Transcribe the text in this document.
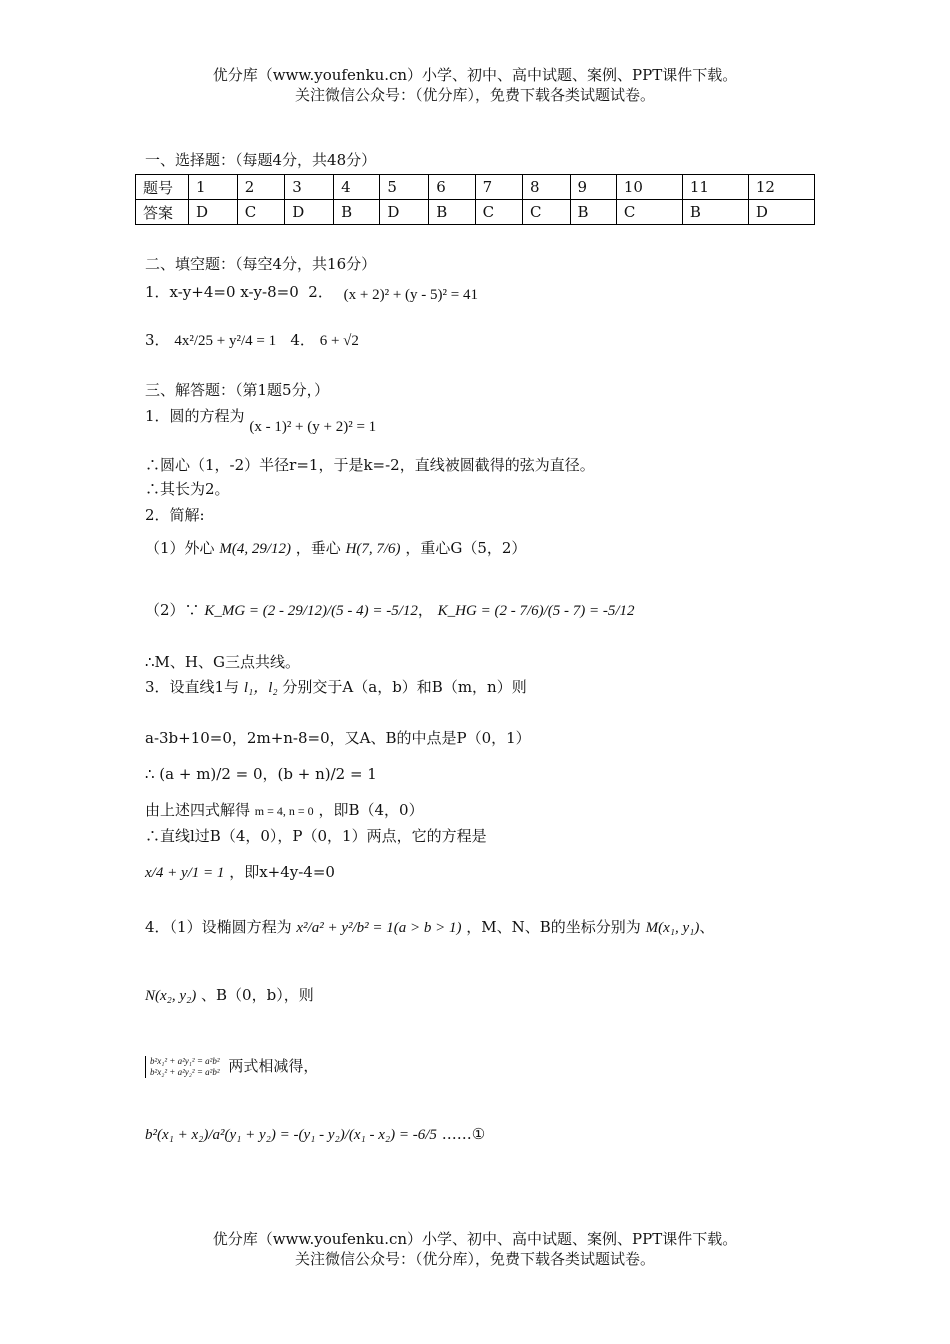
优分库（www.youfenku.cn）小学、初中、高中试题、案例、PPT课件下载。
关注微信公众号：（优分库），免费下载各类试题试卷。
一、选择题：（每题4分，共48分）
题号	1	2	3	4	5	6	7	8	9	10	11	12
答案	D	C	D	B	D	B	C	C	B	C	B	D
二、填空题：（每空4分，共16分）
1．x-y+4=0 x-y-8=0 2． (x + 2)² + (y - 5)² = 41
3． 4x²/25 + y²/4 = 1 4． 6 + √2
三、解答题：（第1题5分，）
1．圆的方程为 (x - 1)² + (y + 2)² = 1
∴圆心（1，-2）半径r=1，于是k=-2，直线被圆截得的弦为直径。
∴其长为2。
2．简解:
（1）外心 M(4, 29/12) ，垂心 H(7, 7/6) ，重心G（5，2）
（2）∵ K_MG = (2 - 29/12)/(5 - 4) = -5/12， K_HG = (2 - 7/6)/(5 - 7) = -5/12
∴M、H、G三点共线。
3．设直线1与 l₁，l₂ 分别交于A（a，b）和B（m，n）则
a-3b+10=0，2m+n-8=0，又A、B的中点是P（0，1）
∴ (a + m)/2 = 0，(b + n)/2 = 1
由上述四式解得 m = 4, n = 0 ，即B（4，0）
∴直线l过B（4，0），P（0，1）两点，它的方程是
x/4 + y/1 = 1 ，即x+4y-4=0
4．（1）设椭圆方程为 x²/a² + y²/b² = 1(a > b > 1) ，M、N、B的坐标分别为 M(x₁, y₁)、
N(x₂, y₂) 、B（0，b），则
b²x₁² + a²y₁² = a²b²
b²x₂² + a²y₂² = a²b² 两式相减得，
b²(x₁ + x₂)/a²(y₁ + y₂) = -(y₁ - y₂)/(x₁ - x₂) = -6/5 ……①
优分库（www.youfenku.cn）小学、初中、高中试题、案例、PPT课件下载。
关注微信公众号：（优分库），免费下载各类试题试卷。
